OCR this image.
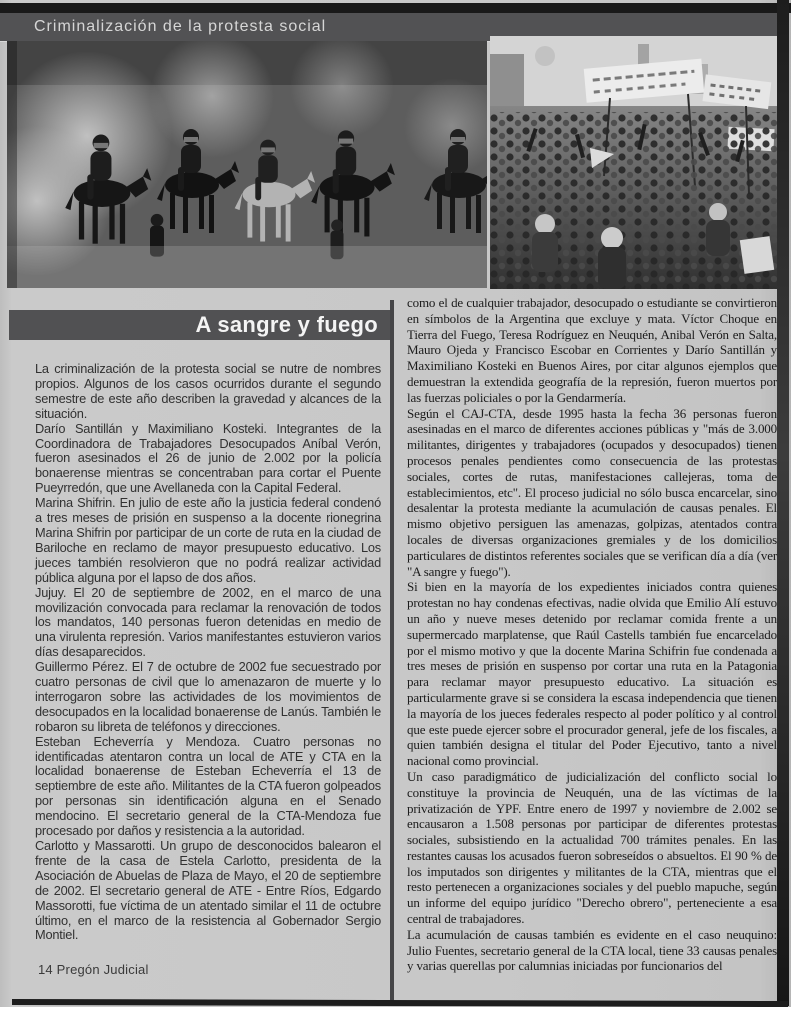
Criminalización de la protesta social
A sangre y fuego

La criminalización de la protesta social se nutre de nombres propios. Algunos de los casos ocurridos durante el segundo semestre de este año describen la gravedad y alcances de la situación.

Darío Santillán y Maximiliano Kosteki. Integrantes de la Coordinadora de Trabajadores Desocupados Aníbal Verón, fueron asesinados el 26 de junio de 2.002 por la policía bonaerense mientras se concentraban para cortar el Puente Pueyrredón, que une Avellaneda con la Capital Federal.

Marina Shifrin. En julio de este año la justicia federal condenó a tres meses de prisión en suspenso a la docente rionegrina Marina Shifrin por participar de un corte de ruta en la ciudad de Bariloche en reclamo de mayor presupuesto educativo. Los jueces también resolvieron que no podrá realizar actividad pública alguna por el lapso de dos años.

Jujuy. El 20 de septiembre de 2002, en el marco de una movilización convocada para reclamar la renovación de todos los mandatos, 140 personas fueron detenidas en medio de una virulenta represión. Varios manifestantes estuvieron varios días desaparecidos.

Guillermo Pérez. El 7 de octubre de 2002 fue secuestrado por cuatro personas de civil que lo amenazaron de muerte y lo interrogaron sobre las actividades de los movimientos de desocupados en la localidad bonaerense de Lanús. También le robaron su libreta de teléfonos y direcciones.

Esteban Echeverría y Mendoza. Cuatro personas no identificadas atentaron contra un local de ATE y CTA en la localidad bonaerense de Esteban Echeverría el 13 de septiembre de este año. Militantes de la CTA fueron golpeados por personas sin identificación alguna en el Senado mendocino. El secretario general de la CTA-Mendoza fue procesado por daños y resistencia a la autoridad.

Carlotto y Massarotti. Un grupo de desconocidos balearon el frente de la casa de Estela Carlotto, presidenta de la Asociación de Abuelas de Plaza de Mayo, el 20 de septiembre de 2002. El secretario general de ATE - Entre Ríos, Edgardo Massorotti, fue víctima de un atentado similar el 11 de octubre último, en el marco de la resistencia al Gobernador Sergio Montiel.

como el de cualquier trabajador, desocupado o estudiante se convirtieron en símbolos de la Argentina que excluye y mata. Víctor Choque en Tierra del Fuego, Teresa Rodríguez en Neuquén, Anibal Verón en Salta, Mauro Ojeda y Francisco Escobar en Corrientes y Darío Santillán y Maximiliano Kosteki en Buenos Aires, por citar algunos ejemplos que demuestran la extendida geografía de la represión, fueron muertos por las fuerzas policiales o por la Gendarmería.

Según el CAJ-CTA, desde 1995 hasta la fecha 36 personas fueron asesinadas en el marco de diferentes acciones públicas y "más de 3.000 militantes, dirigentes y trabajadores (ocupados y desocupados) tienen procesos penales pendientes como consecuencia de las protestas sociales, cortes de rutas, manifestaciones callejeras, toma de establecimientos, etc". El proceso judicial no sólo busca encarcelar, sino desalentar la protesta mediante la acumulación de causas penales. El mismo objetivo persiguen las amenazas, golpizas, atentados contra locales de diversas organizaciones gremiales y de los domicilios particulares de distintos referentes sociales que se verifican día a día (ver "A sangre y fuego").

Si bien en la mayoría de los expedientes iniciados contra quienes protestan no hay condenas efectivas, nadie olvida que Emilio Alí estuvo un año y nueve meses detenido por reclamar comida frente a un supermercado marplatense, que Raúl Castells también fue encarcelado por el mismo motivo y que la docente Marina Schifrin fue condenada a tres meses de prisión en suspenso por cortar una ruta en la Patagonia para reclamar mayor presupuesto educativo. La situación es particularmente grave si se considera la escasa independencia que tienen la mayoría de los jueces federales respecto al poder político y al control que este puede ejercer sobre el procurador general, jefe de los fiscales, a quien también designa el titular del Poder Ejecutivo, tanto a nivel nacional como provincial.

Un caso paradigmático de judicialización del conflicto social lo constituye la provincia de Neuquén, una de las víctimas de la privatización de YPF. Entre enero de 1997 y noviembre de 2.002 se encausaron a 1.508 personas por participar de diferentes protestas sociales, subsistiendo en la actualidad 700 trámites penales. En las restantes causas los acusados fueron sobreseídos o absueltos. El 90 % de los imputados son dirigentes y militantes de la CTA, mientras que el resto pertenecen a organizaciones sociales y del pueblo mapuche, según un informe del equipo jurídico "Derecho obrero", perteneciente a esa central de trabajadores.

La acumulación de causas también es evidente en el caso neuquino: Julio Fuentes, secretario general de la CTA local, tiene 33 causas penales y varias querellas por calumnias iniciadas por funcionarios del

14 Pregón Judicial
